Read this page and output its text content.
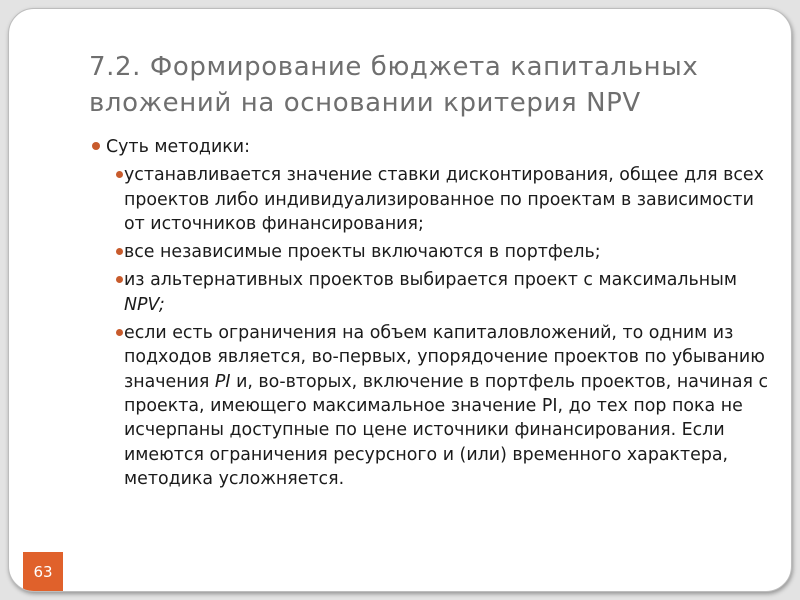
7.2. Формирование бюджета капитальных вложений на основании критерия NPV
Суть методики:
устанавливается значение ставки дисконтирования, общее для всех проектов либо индивидуализированное по проектам в зависимости от источников финансирования;
все независимые проекты включаются в портфель;
из альтернативных проектов выбирается проект с максимальным NPV;
если есть ограничения на объем капиталовложений, то одним из подходов является, во-первых, упорядочение проектов по убыванию значения PI и, во-вторых, включение в портфель проектов, начиная с проекта, имеющего максимальное значение PI, до тех пор пока не исчерпаны доступные по цене источники финансирования. Если имеются ограничения ресурсного и (или) временного характера, методика усложняется.
63
